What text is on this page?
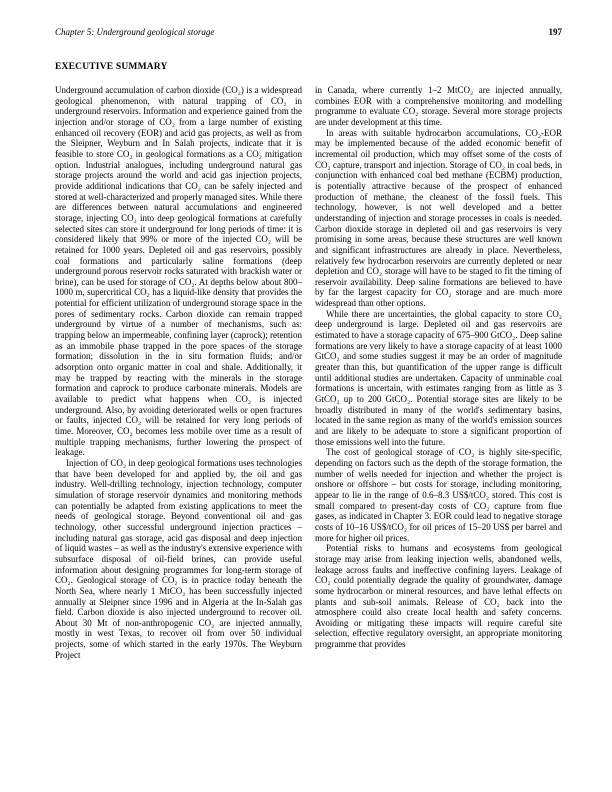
Chapter 5: Underground geological storage	197
EXECUTIVE SUMMARY

Underground accumulation of carbon dioxide (CO₂) is a widespread geological phenomenon, with natural trapping of CO₂ in underground reservoirs. Information and experience gained from the injection and/or storage of CO₂ from a large number of existing enhanced oil recovery (EOR) and acid gas projects, as well as from the Sleipner, Weyburn and In Salah projects, indicate that it is feasible to store CO₂ in geological formations as a CO₂ mitigation option. Industrial analogues, including underground natural gas storage projects around the world and acid gas injection projects, provide additional indications that CO₂ can be safely injected and stored at well-characterized and properly managed sites. While there are differences between natural accumulations and engineered storage, injecting CO₂ into deep geological formations at carefully selected sites can store it underground for long periods of time: it is considered likely that 99% or more of the injected CO₂ will be retained for 1000 years. Depleted oil and gas reservoirs, possibly coal formations and particularly saline formations (deep underground porous reservoir rocks saturated with brackish water or brine), can be used for storage of CO₂. At depths below about 800–1000 m, supercritical CO₂ has a liquid-like density that provides the potential for efficient utilization of underground storage space in the pores of sedimentary rocks. Carbon dioxide can remain trapped underground by virtue of a number of mechanisms, such as: trapping below an impermeable, confining layer (caprock); retention as an immobile phase trapped in the pore spaces of the storage formation; dissolution in the in situ formation fluids; and/or adsorption onto organic matter in coal and shale. Additionally, it may be trapped by reacting with the minerals in the storage formation and caprock to produce carbonate minerals. Models are available to predict what happens when CO₂ is injected underground. Also, by avoiding deteriorated wells or open fractures or faults, injected CO₂ will be retained for very long periods of time. Moreover, CO₂ becomes less mobile over time as a result of multiple trapping mechanisms, further lowering the prospect of leakage.

Injection of CO₂ in deep geological formations uses technologies that have been developed for and applied by, the oil and gas industry. Well-drilling technology, injection technology, computer simulation of storage reservoir dynamics and monitoring methods can potentially be adapted from existing applications to meet the needs of geological storage. Beyond conventional oil and gas technology, other successful underground injection practices – including natural gas storage, acid gas disposal and deep injection of liquid wastes – as well as the industry's extensive experience with subsurface disposal of oil-field brines, can provide useful information about designing programmes for long-term storage of CO₂. Geological storage of CO₂ is in practice today beneath the North Sea, where nearly 1 MtCO₂ has been successfully injected annually at Sleipner since 1996 and in Algeria at the In-Salah gas field. Carbon dioxide is also injected underground to recover oil. About 30 Mt of non-anthropogenic CO₂ are injected annually, mostly in west Texas, to recover oil from over 50 individual projects, some of which started in the early 1970s. The Weyburn Project

in Canada, where currently 1–2 MtCO₂ are injected annually, combines EOR with a comprehensive monitoring and modelling programme to evaluate CO₂ storage. Several more storage projects are under development at this time.

In areas with suitable hydrocarbon accumulations, CO₂-EOR may be implemented because of the added economic benefit of incremental oil production, which may offset some of the costs of CO₂ capture, transport and injection. Storage of CO₂ in coal beds, in conjunction with enhanced coal bed methane (ECBM) production, is potentially attractive because of the prospect of enhanced production of methane, the cleanest of the fossil fuels. This technology, however, is not well developed and a better understanding of injection and storage processes in coals is needed. Carbon dioxide storage in depleted oil and gas reservoirs is very promising in some areas, because these structures are well known and significant infrastructures are already in place. Nevertheless, relatively few hydrocarbon reservoirs are currently depleted or near depletion and CO₂ storage will have to be staged to fit the timing of reservoir availability. Deep saline formations are believed to have by far the largest capacity for CO₂ storage and are much more widespread than other options.

While there are uncertainties, the global capacity to store CO₂ deep underground is large. Depleted oil and gas reservoirs are estimated to have a storage capacity of 675–900 GtCO₂. Deep saline formations are very likely to have a storage capacity of at least 1000 GtCO₂ and some studies suggest it may be an order of magnitude greater than this, but quantification of the upper range is difficult until additional studies are undertaken. Capacity of unminable coal formations is uncertain, with estimates ranging from as little as 3 GtCO₂ up to 200 GtCO₂. Potential storage sites are likely to be broadly distributed in many of the world's sedimentary basins, located in the same region as many of the world's emission sources and are likely to be adequate to store a significant proportion of those emissions well into the future.

The cost of geological storage of CO₂ is highly site-specific, depending on factors such as the depth of the storage formation, the number of wells needed for injection and whether the project is onshore or offshore – but costs for storage, including monitoring, appear to lie in the range of 0.6–8.3 US$/tCO₂ stored. This cost is small compared to present-day costs of CO₂ capture from flue gases, as indicated in Chapter 3. EOR could lead to negative storage costs of 10–16 US$/tCO₂ for oil prices of 15–20 US$ per barrel and more for higher oil prices.

Potential risks to humans and ecosystems from geological storage may arise from leaking injection wells, abandoned wells, leakage across faults and ineffective confining layers. Leakage of CO₂ could potentially degrade the quality of groundwater, damage some hydrocarbon or mineral resources, and have lethal effects on plants and sub-soil animals. Release of CO₂ back into the atmosphere could also create local health and safety concerns. Avoiding or mitigating these impacts will require careful site selection, effective regulatory oversight, an appropriate monitoring programme that provides
